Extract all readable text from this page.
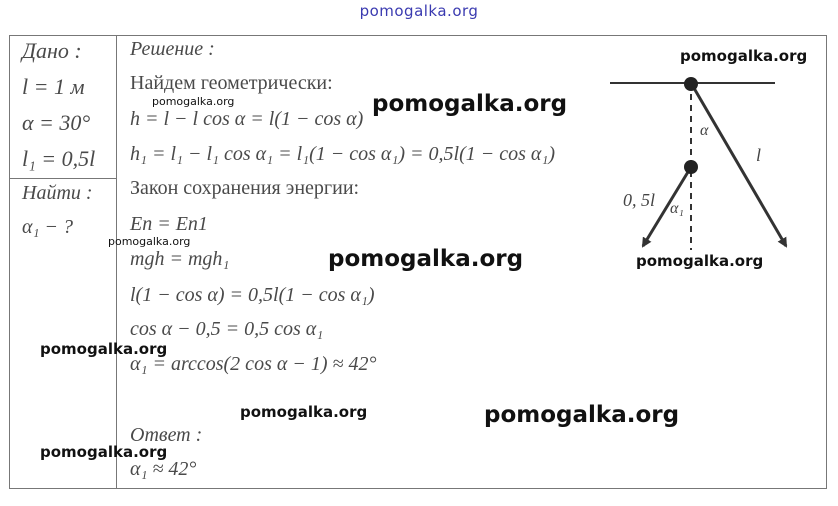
pomogalka.org
Дано :
l = 1 м
α = 30°
l₁ = 0,5l
Найти :
α₁ − ?
Решение :
Найдем геометрически:
h = l − l cos α = l(1 − cos α)
h₁ = l₁ − l₁ cos α₁ = l₁(1 − cos α₁) = 0,5l(1 − cos α₁)
Закон сохранения энергии:
Eп = Eп1
mgh = mgh₁
l(1 − cos α) = 0,5l(1 − cos α₁)
cos α − 0,5 = 0,5 cos α₁
α₁ = arccos(2 cos α − 1) ≈ 42°
Ответ :
α₁ ≈ 42°
α
l
0, 5l α₁
pomogalka.org
pomogalka.org	pomogalka.org
pomogalka.org
pomogalka.org	pomogalka.org
pomogalka.org
pomogalka.org	pomogalka.org
pomogalka.org
